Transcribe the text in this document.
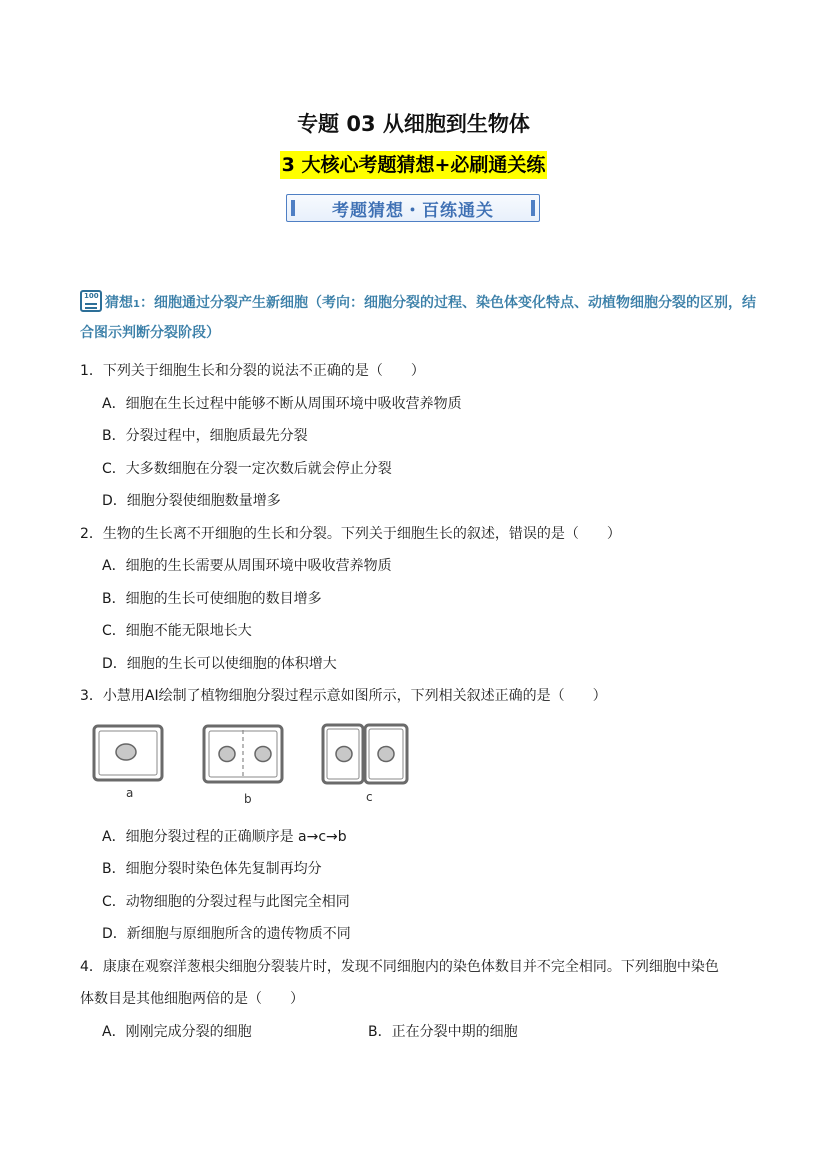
专题 03 从细胞到生物体
3 大核心考题猜想+必刷通关练
考题猜想・百练通关
100猜想1：细胞通过分裂产生新细胞（考向：细胞分裂的过程、染色体变化特点、动植物细胞分裂的区别，结合图示判断分裂阶段）
1．下列关于细胞生长和分裂的说法不正确的是（　　）
A．细胞在生长过程中能够不断从周围环境中吸收营养物质
B．分裂过程中，细胞质最先分裂
C．大多数细胞在分裂一定次数后就会停止分裂
D．细胞分裂使细胞数量增多
2．生物的生长离不开细胞的生长和分裂。下列关于细胞生长的叙述，错误的是（　　）
A．细胞的生长需要从周围环境中吸收营养物质
B．细胞的生长可使细胞的数目增多
C．细胞不能无限地长大
D．细胞的生长可以使细胞的体积增大
3．小慧用AI绘制了植物细胞分裂过程示意如图所示，下列相关叙述正确的是（　　）
a	b	c
A．细胞分裂过程的正确顺序是 a→c→b
B．细胞分裂时染色体先复制再均分
C．动物细胞的分裂过程与此图完全相同
D．新细胞与原细胞所含的遗传物质不同
4．康康在观察洋葱根尖细胞分裂装片时，发现不同细胞内的染色体数目并不完全相同。下列细胞中染色
体数目是其他细胞两倍的是（　　）
A．刚刚完成分裂的细胞	B．正在分裂中期的细胞
